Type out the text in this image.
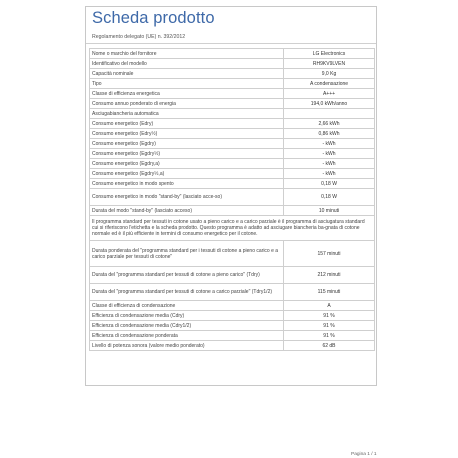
Scheda prodotto
Regolamento delegato (UE) n. 392/2012
Nome o marchio del fornitore	LG Electronics
Identificativo del modello	RH9KV9LVEN
Capacità nominale	9,0 Kg
Tipo	A condensazione
Classe di efficienza energetica	A+++
Consumo annuo ponderato di energia	194,0 kWh/anno
Asciugabiancheria automatica	
Consumo energetico (Edry)	2,66 kWh
Consumo energetico (Edry½)	0,86 kWh
Consumo energetico (Egdry)	- kWh
Consumo energetico (Egdry½)	- kWh
Consumo energetico (Egdry,a)	- kWh
Consumo energetico (Egdry½,a)	- kWh
Consumo energetico in modo spento	0,18 W
Consumo energetico in modo "stand-by" (lasciato acce-so)	0,18 W
Durata del modo "stand-by" (lasciato acceso)	10 minuti
Il programma standard per tessuti in cotone usato a pieno carico e a carico parziale è il programma di asciugatura standard cui si riferiscono l'etichetta e la scheda prodotto. Questo programma è adatto ad asciugare biancheria ba-gnata di cotone normale ed è il più efficiente in termini di consumo energetico per il cotone.	
Durata ponderata del "programma standard per i tessuti di cotone a pieno carico e a carico parziale per tessuti di cotone"	157 minuti
Durata del "programma standard per tessuti di cotone a pieno carico" (Tdry)	212 minuti
Durata del "programma standard per tessuti di cotone a carico parziale" (Tdry1/2)	115 minuti
Classe di efficienza di condensazione	A
Efficienza di condensazione media (Cdry)	91 %
Efficienza di condensazione media (Cdry1/2)	91 %
Efficienza di condensazione ponderata	91 %
Livello di potenza sonora (valore medio ponderato)	62 dB
Pagina 1 / 1
